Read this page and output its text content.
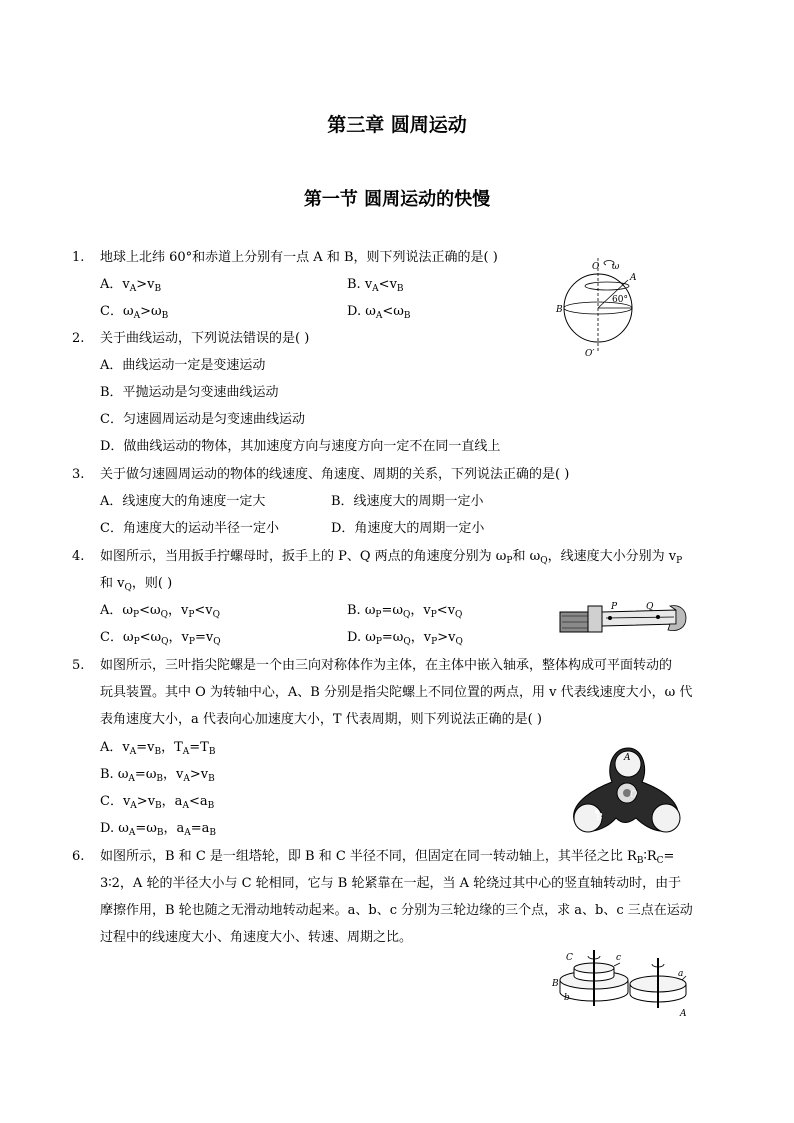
第三章 圆周运动
第一节 圆周运动的快慢
1. 地球上北纬 60°和赤道上分别有一点 A 和 B，则下列说法正确的是( )
A．$v_A>v_B$	B. $v_A<v_B$
C．$\omega_A>\omega_B$	D. $\omega_A<\omega_B$
O ω
A
B
60°
O′
2. 关于曲线运动，下列说法错误的是( )
A．曲线运动一定是变速运动
B．平抛运动是匀变速曲线运动
C．匀速圆周运动是匀变速曲线运动
D．做曲线运动的物体，其加速度方向与速度方向一定不在同一直线上
3. 关于做匀速圆周运动的物体的线速度、角速度、周期的关系，下列说法正确的是( )
A．线速度大的角速度一定大	B．线速度大的周期一定小
C．角速度大的运动半径一定小	D．角速度大的周期一定小
4. 如图所示，当用扳手拧螺母时，扳手上的 P、Q 两点的角速度分别为 $\omega_P$和 $\omega_Q$，线速度大小分别为 $v_P$
和 $v_Q$，则( )
A．$\omega_P<\omega_Q$，$v_P<v_Q$	B. $\omega_P=\omega_Q$，$v_P<v_Q$
C．$\omega_P<\omega_Q$，$v_P=v_Q$	D. $\omega_P=\omega_Q$，$v_P>v_Q$
P	Q
5. 如图所示，三叶指尖陀螺是一个由三向对称体作为主体，在主体中嵌入轴承，整体构成可平面转动的
玩具装置。其中 O 为转轴中心，A、B 分别是指尖陀螺上不同位置的两点，用 v 代表线速度大小，ω 代
表角速度大小，a 代表向心加速度大小，T 代表周期，则下列说法正确的是( )
A．$v_A=v_B$，$T_A=T_B$
B. $\omega_A=\omega_B$，$v_A>v_B$
C．$v_A>v_B$，$a_A<a_B$
D. $\omega_A=\omega_B$，$a_A=a_B$
A
O
B
6. 如图所示，B 和 C 是一组塔轮，即 B 和 C 半径不同，但固定在同一转动轴上，其半径之比 $R_B∶R_C=$
3∶2，A 轮的半径大小与 C 轮相同，它与 B 轮紧靠在一起，当 A 轮绕过其中心的竖直轴转动时，由于
摩擦作用，B 轮也随之无滑动地转动起来。a、b、c 分别为三轮边缘的三个点，求 a、b、c 三点在运动
过程中的线速度大小、角速度大小、转速、周期之比。
C	c
B
b
A
a
